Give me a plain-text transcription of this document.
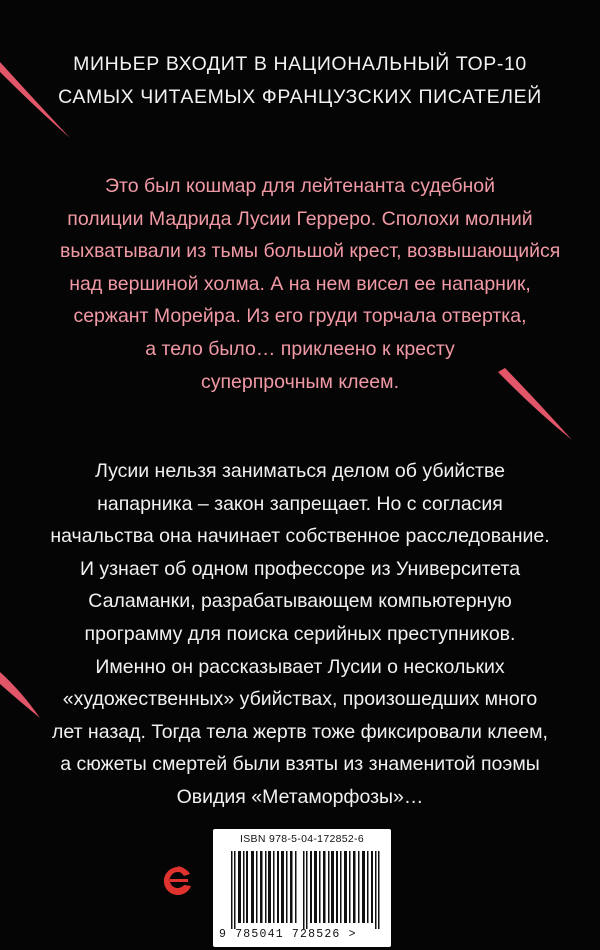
МИНЬЕР ВХОДИТ В НАЦИОНАЛЬНЫЙ ТОР-10
САМЫХ ЧИТАЕМЫХ ФРАНЦУЗСКИХ ПИСАТЕЛЕЙ
Это был кошмар для лейтенанта судебной
полиции Мадрида Лусии Герреро. Сполохи молний
выхватывали из тьмы большой крест, возвышающийся
над вершиной холма. А на нем висел ее напарник,
сержант Морейра. Из его груди торчала отвертка,
а тело было… приклеено к кресту
суперпрочным клеем.
Лусии нельзя заниматься делом об убийстве
напарника – закон запрещает. Но с согласия
начальства она начинает собственное расследование.
И узнает об одном профессоре из Университета
Саламанки, разрабатывающем компьютерную
программу для поиска серийных преступников.
Именно он рассказывает Лусии о нескольких
«художественных» убийствах, произошедших много
лет назад. Тогда тела жертв тоже фиксировали клеем,
а сюжеты смертей были взяты из знаменитой поэмы
Овидия «Метаморфозы»…
ISBN 978-5-04-172852-6
9 785041 728526 >
